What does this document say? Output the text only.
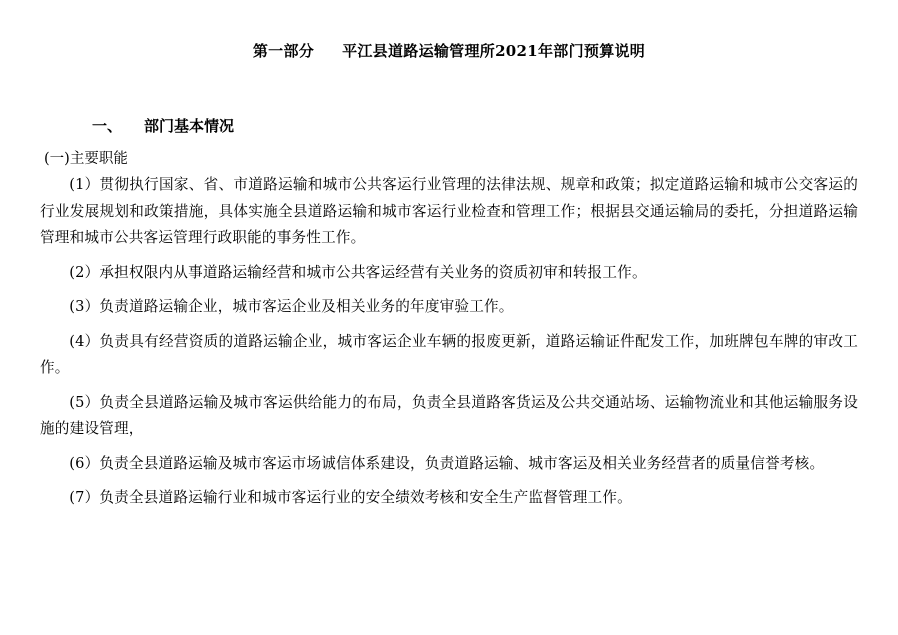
第一部分 平江县道路运输管理所2021年部门预算说明
一、 部门基本情况
(一)主要职能

(1）贯彻执行国家、省、市道路运输和城市公共客运行业管理的法律法规、规章和政策；拟定道路运输和城市公交客运的行业发展规划和政策措施，具体实施全县道路运输和城市客运行业检查和管理工作；根据县交通运输局的委托，分担道路运输管理和城市公共客运管理行政职能的事务性工作。

(2）承担权限内从事道路运输经营和城市公共客运经营有关业务的资质初审和转报工作。

(3）负责道路运输企业，城市客运企业及相关业务的年度审验工作。

(4）负责具有经营资质的道路运输企业，城市客运企业车辆的报废更新，道路运输证件配发工作，加班牌包车牌的审改工作。

(5）负责全县道路运输及城市客运供给能力的布局，负责全县道路客货运及公共交通站场、运输物流业和其他运输服务设施的建设管理，

(6）负责全县道路运输及城市客运市场诚信体系建设，负责道路运输、城市客运及相关业务经营者的质量信誉考核。

(7）负责全县道路运输行业和城市客运行业的安全绩效考核和安全生产监督管理工作。
